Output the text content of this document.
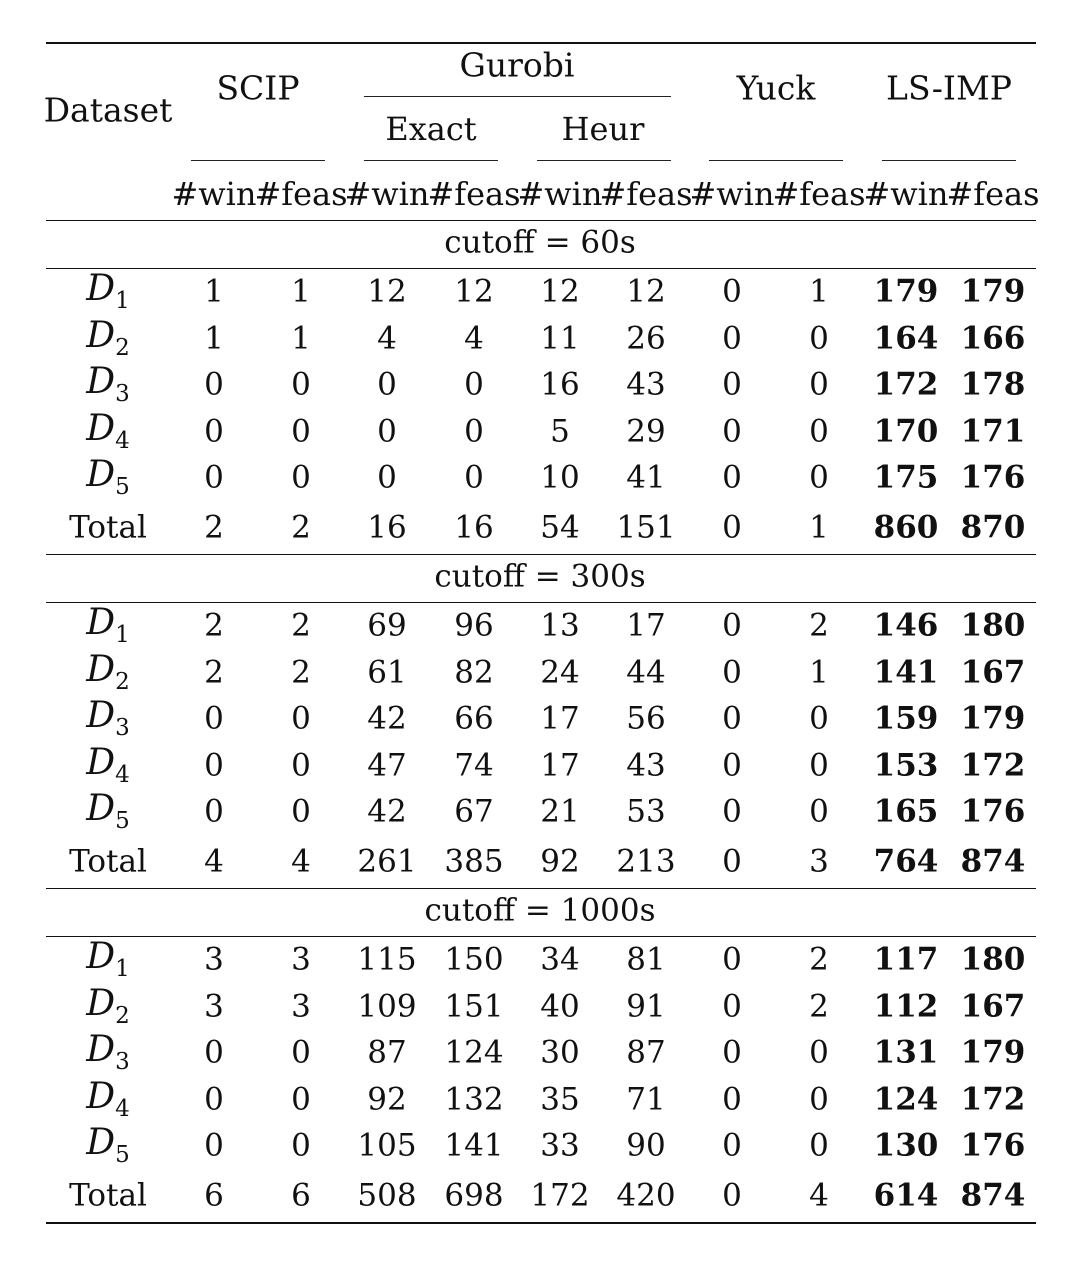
Dataset
SCIP
Gurobi
Exact	Heur
Yuck LS-IMP
#win
#feas
#win
#feas
#win
#feas
#win
#feas
#win
#feas
cutoff = 60s
$D_1$ 1 1 12 12 12 12 0 1 179 179
$D_2$ 1 1 4 4 11 26 0 0 164 166
$D_3$ 0 0 0 0 16 43 0 0 172 178
$D_4$ 0 0 0 0 5 29 0 0 170 171
$D_5$ 0 0 0 0 10 41 0 0 175 176
Total 2 2 16 16 54 151 0 1 860 870
cutoff = 300s
$D_1$ 2 2 69 96 13 17 0 2 146 180
$D_2$ 2 2 61 82 24 44 0 1 141 167
$D_3$ 0 0 42 66 17 56 0 0 159 179
$D_4$ 0 0 47 74 17 43 0 0 153 172
$D_5$ 0 0 42 67 21 53 0 0 165 176
Total 4 4 261 385 92 213 0 3 764 874
cutoff = 1000s
$D_1$ 3 3 115 150 34 81 0 2 117 180
$D_2$ 3 3 109 151 40 91 0 2 112 167
$D_3$ 0 0 87 124 30 87 0 0 131 179
$D_4$ 0 0 92 132 35 71 0 0 124 172
$D_5$ 0 0 105 141 33 90 0 0 130 176
Total 6 6 508 698 172 420 0 4 614 874
